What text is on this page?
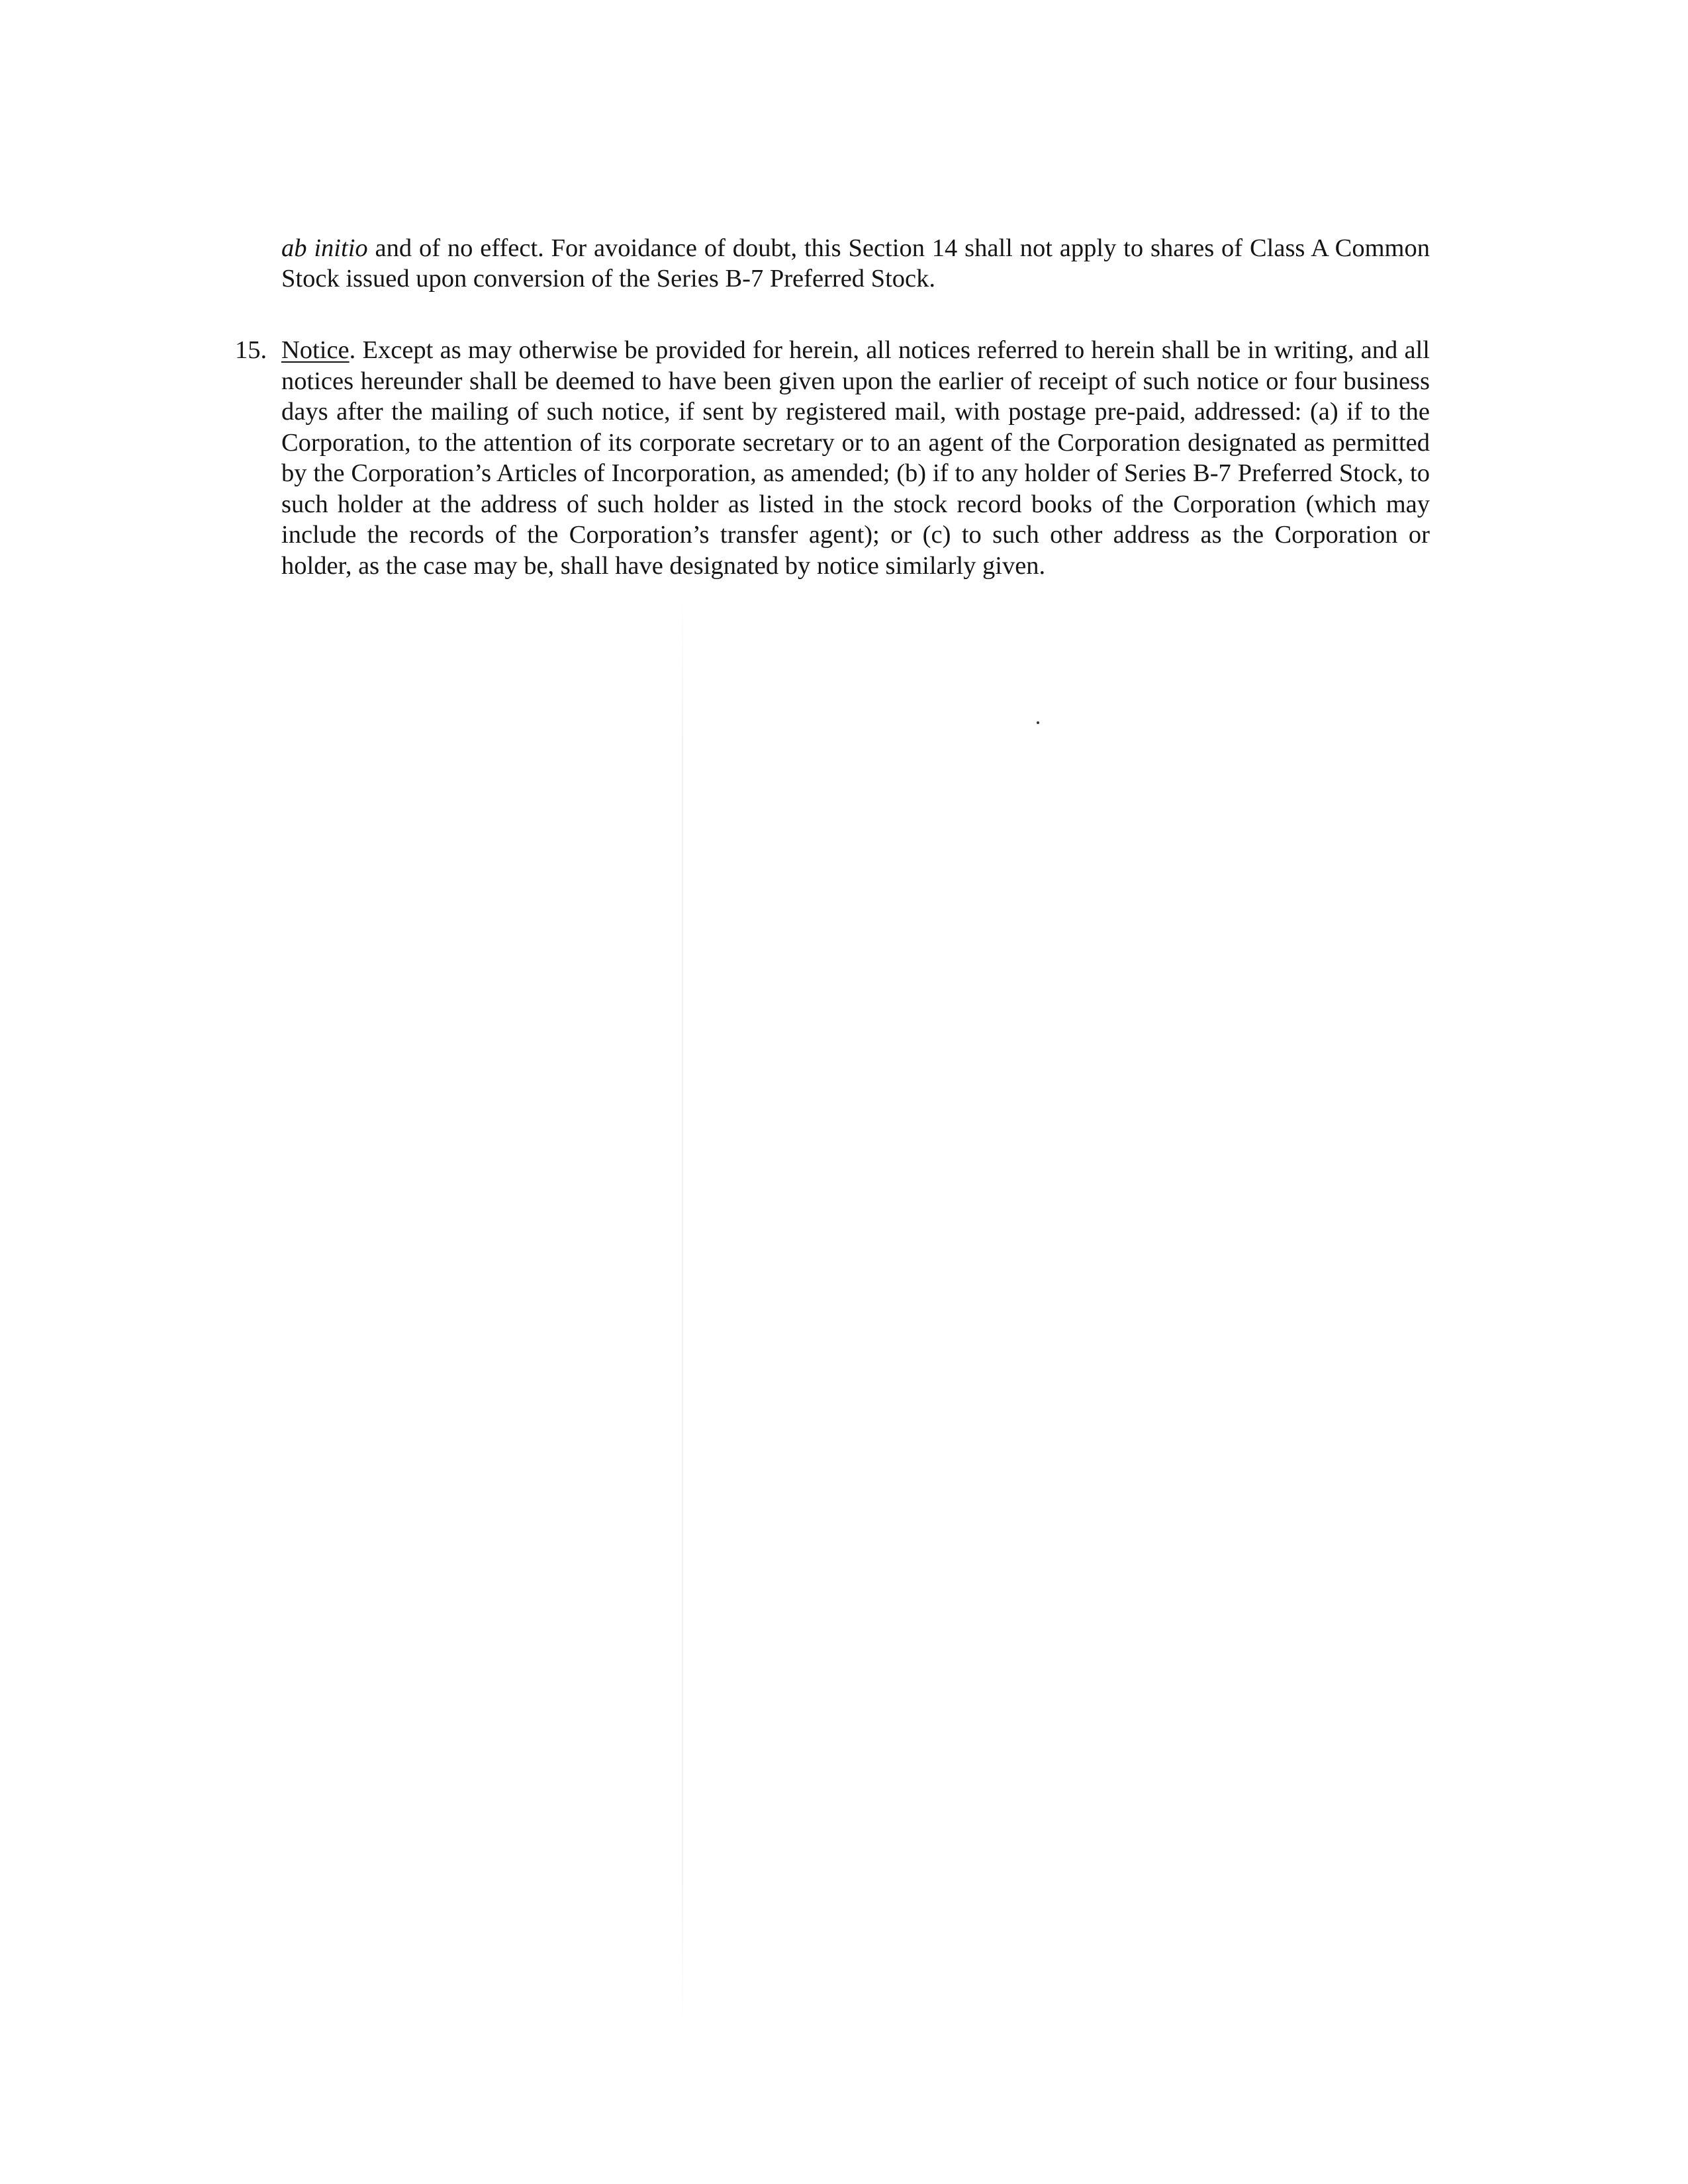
ab initio and of no effect. For avoidance of doubt, this Section 14 shall not apply to shares of Class A Common Stock issued upon conversion of the Series B-7 Preferred Stock.

15. Notice. Except as may otherwise be provided for herein, all notices referred to herein shall be in writing, and all notices hereunder shall be deemed to have been given upon the earlier of receipt of such notice or four business days after the mailing of such notice, if sent by registered mail, with postage pre-paid, addressed: (a) if to the Corporation, to the attention of its corporate secretary or to an agent of the Corporation designated as permitted by the Corporation’s Articles of Incorporation, as amended; (b) if to any holder of Series B-7 Preferred Stock, to such holder at the address of such holder as listed in the stock record books of the Corporation (which may include the records of the Corporation’s transfer agent); or (c) to such other address as the Corporation or holder, as the case may be, shall have designated by notice similarly given.
